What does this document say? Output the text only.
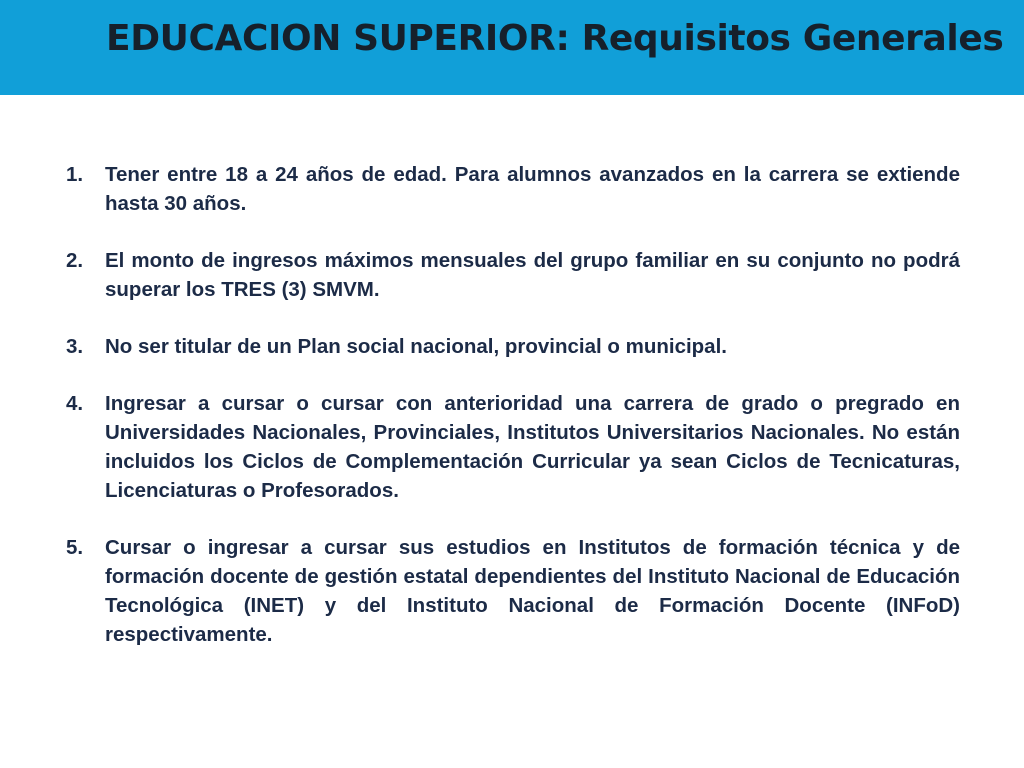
EDUCACION SUPERIOR: Requisitos Generales
1. Tener entre 18 a 24 años de edad. Para alumnos avanzados en la carrera se extiende hasta 30 años.
2. El monto de ingresos máximos mensuales del grupo familiar en su conjunto no podrá superar los TRES (3) SMVM.
3. No ser titular de un Plan social nacional, provincial o municipal.
4. Ingresar a cursar o cursar con anterioridad una carrera de grado o pregrado en Universidades Nacionales, Provinciales, Institutos Universitarios Nacionales. No están incluidos los Ciclos de Complementación Curricular ya sean Ciclos de Tecnicaturas, Licenciaturas o Profesorados.
5. Cursar o ingresar a cursar sus estudios en Institutos de formación técnica y de formación docente de gestión estatal dependientes del Instituto Nacional de Educación Tecnológica (INET) y del Instituto Nacional de Formación Docente (INFoD) respectivamente.
